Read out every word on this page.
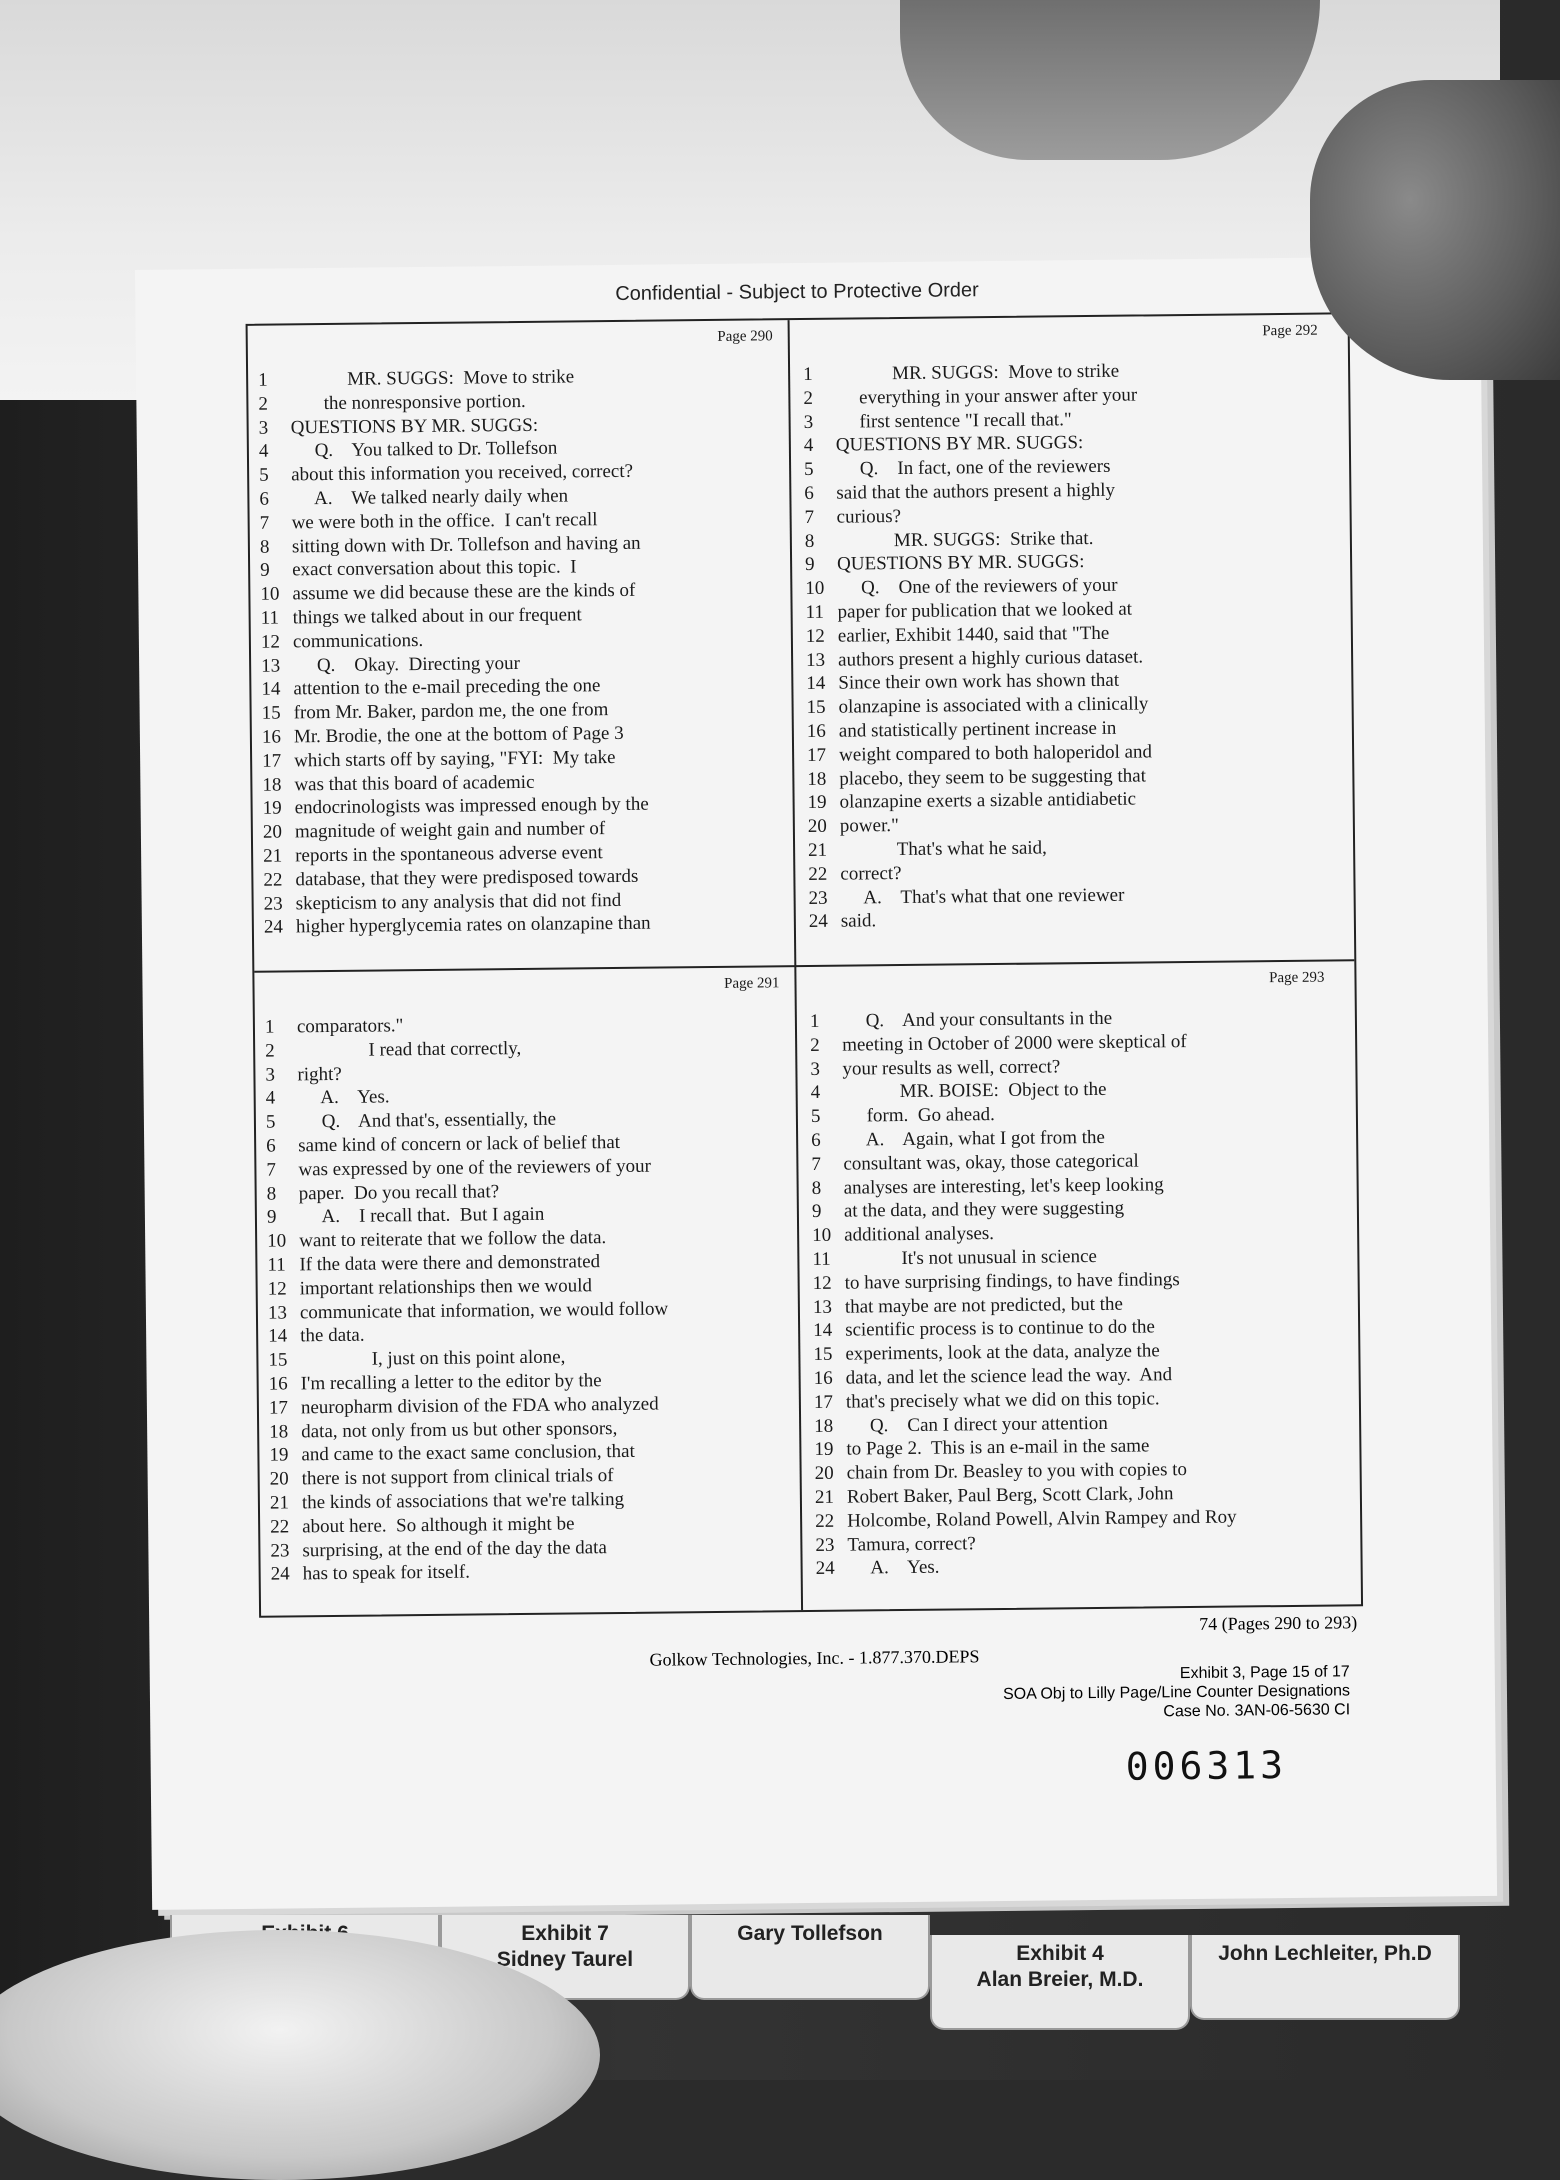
Confidential - Subject to Protective Order
Page 290
1	MR. SUGGS:  Move to strike
2	the nonresponsive portion.
3	QUESTIONS BY MR. SUGGS:
4	Q.    You talked to Dr. Tollefson
5	about this information you received, correct?
6	A.    We talked nearly daily when
7	we were both in the office.  I can't recall
8	sitting down with Dr. Tollefson and having an
9	exact conversation about this topic.  I
10 assume we did because these are the kinds of
11 things we talked about in our frequent
12 communications.
13 Q.    Okay.  Directing your
14 attention to the e-mail preceding the one
15 from Mr. Baker, pardon me, the one from
16 Mr. Brodie, the one at the bottom of Page 3
17 which starts off by saying, "FYI:  My take
18 was that this board of academic
19 endocrinologists was impressed enough by the
20 magnitude of weight gain and number of
21 reports in the spontaneous adverse event
22 database, that they were predisposed towards
23 skepticism to any analysis that did not find
24 higher hyperglycemia rates on olanzapine than
Page 292
1	MR. SUGGS:  Move to strike
2	everything in your answer after your
3	first sentence "I recall that."
4	QUESTIONS BY MR. SUGGS:
5	Q.    In fact, one of the reviewers
6	said that the authors present a highly
7	curious?
8	MR. SUGGS:  Strike that.
9	QUESTIONS BY MR. SUGGS:
10 Q.    One of the reviewers of your
11 paper for publication that we looked at
12 earlier, Exhibit 1440, said that "The
13 authors present a highly curious dataset.
14 Since their own work has shown that
15 olanzapine is associated with a clinically
16 and statistically pertinent increase in
17 weight compared to both haloperidol and
18 placebo, they seem to be suggesting that
19 olanzapine exerts a sizable antidiabetic
20 power."
21 That's what he said,
22 correct?
23 A.    That's what that one reviewer
24 said.
Page 291
1	comparators."
2	I read that correctly,
3	right?
4	A.    Yes.
5	Q.    And that's, essentially, the
6	same kind of concern or lack of belief that
7	was expressed by one of the reviewers of your
8	paper.  Do you recall that?
9	A.    I recall that.  But I again
10 want to reiterate that we follow the data.
11 If the data were there and demonstrated
12 important relationships then we would
13 communicate that information, we would follow
14 the data.
15 I, just on this point alone,
16 I'm recalling a letter to the editor by the
17 neuropharm division of the FDA who analyzed
18 data, not only from us but other sponsors,
19 and came to the exact same conclusion, that
20 there is not support from clinical trials of
21 the kinds of associations that we're talking
22 about here.  So although it might be
23 surprising, at the end of the day the data
24 has to speak for itself.
Page 293
1	Q.    And your consultants in the
2	meeting in October of 2000 were skeptical of
3	your results as well, correct?
4	MR. BOISE:  Object to the
5	form.  Go ahead.
6	A.    Again, what I got from the
7	consultant was, okay, those categorical
8	analyses are interesting, let's keep looking
9	at the data, and they were suggesting
10 additional analyses.
11 It's not unusual in science
12 to have surprising findings, to have findings
13 that maybe are not predicted, but the
14 scientific process is to continue to do the
15 experiments, look at the data, analyze the
16 data, and let the science lead the way.  And
17 that's precisely what we did on this topic.
18 Q.    Can I direct your attention
19 to Page 2.  This is an e-mail in the same
20 chain from Dr. Beasley to you with copies to
21 Robert Baker, Paul Berg, Scott Clark, John
22 Holcombe, Roland Powell, Alvin Rampey and Roy
23 Tamura, correct?
24 A.    Yes.
74 (Pages 290 to 293)
Golkow Technologies, Inc. - 1.877.370.DEPS
Exhibit 3, Page 15 of 17
SOA Obj to Lilly Page/Line Counter Designations
Case No. 3AN-06-5630 CI
006313
Exhibit 7
Sidney Taurel
Gary Tollefson
Exhibit 4
Alan Breier, M.D.
John Lechleiter, Ph.D
